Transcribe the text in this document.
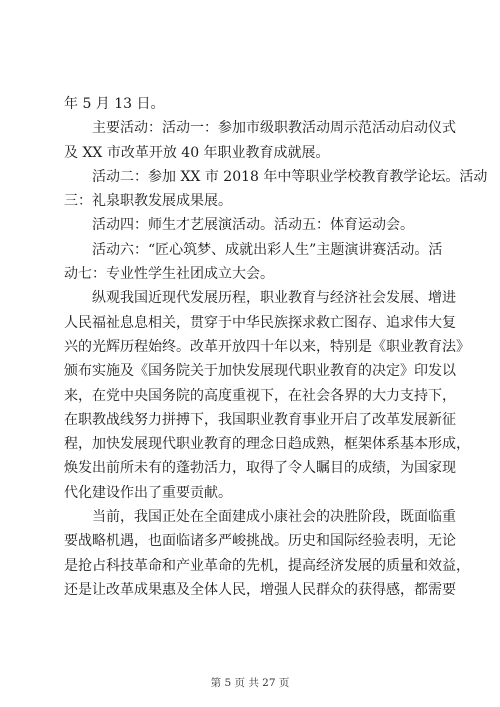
年 5 月 13 日。
主要活动：活动一：参加市级职教活动周示范活动启动仪式
及 XX 市改革开放 40 年职业教育成就展。
活动二：参加 XX 市 2018 年中等职业学校教育教学论坛。活动
三：礼泉职教发展成果展。
活动四：师生才艺展演活动。活动五：体育运动会。
活动六：“匠心筑梦、成就出彩人生”主题演讲赛活动。活
动七：专业性学生社团成立大会。
纵观我国近现代发展历程，职业教育与经济社会发展、增进
人民福祉息息相关，贯穿于中华民族探求救亡图存、追求伟大复
兴的光辉历程始终。改革开放四十年以来，特别是《职业教育法》
颁布实施及《国务院关于加快发展现代职业教育的决定》印发以
来，在党中央国务院的高度重视下，在社会各界的大力支持下，
在职教战线努力拼搏下，我国职业教育事业开启了改革发展新征
程，加快发展现代职业教育的理念日趋成熟，框架体系基本形成，
焕发出前所未有的蓬勃活力，取得了令人瞩目的成绩，为国家现
代化建设作出了重要贡献。
当前，我国正处在全面建成小康社会的决胜阶段，既面临重
要战略机遇，也面临诸多严峻挑战。历史和国际经验表明，无论
是抢占科技革命和产业革命的先机，提高经济发展的质量和效益，
还是让改革成果惠及全体人民，增强人民群众的获得感，都需要
第 5 页 共 27 页
